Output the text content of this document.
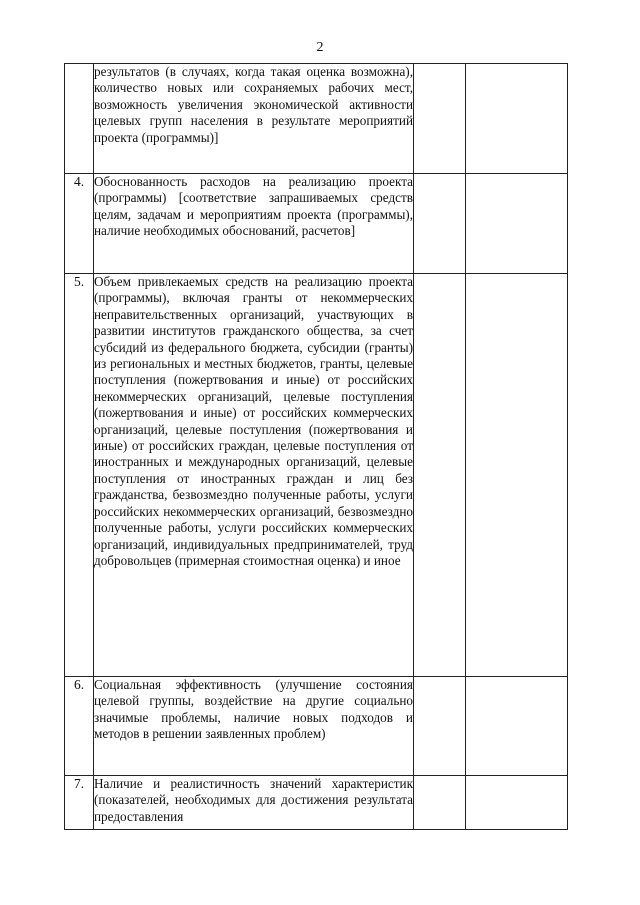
2

	результатов (в случаях, когда такая оценка возможна), количество новых или сохраняемых рабочих мест, возможность увеличения экономической активности целевых групп населения в результате мероприятий проекта (программы)]		

4.	Обоснованность расходов на реализацию проекта (программы) [соответствие запрашиваемых средств целям, задачам и мероприятиям проекта (программы), наличие необходимых обоснований, расчетов]		

5.	Объем привлекаемых средств на реализацию проекта (программы), включая гранты от некоммерческих неправительственных организаций, участвующих в развитии институтов гражданского общества, за счет субсидий из федерального бюджета, субсидии (гранты) из региональных и местных бюджетов, гранты, целевые поступления (пожертвования и иные) от российских некоммерческих организаций, целевые поступления (пожертвования и иные) от российских коммерческих организаций, целевые поступления (пожертвования и иные) от российских граждан, целевые поступления от иностранных и международных организаций, целевые поступления от иностранных граждан и лиц без гражданства, безвозмездно полученные работы, услуги российских некоммерческих организаций, безвозмездно полученные работы, услуги российских коммерческих организаций, индивидуальных предпринимателей, труд добровольцев (примерная стоимостная оценка) и иное		

6.	Социальная эффективность (улучшение состояния целевой группы, воздействие на другие социально значимые проблемы, наличие новых подходов и методов в решении заявленных проблем)		

7.	Наличие и реалистичность значений характеристик (показателей, необходимых для достижения результата предоставления		
